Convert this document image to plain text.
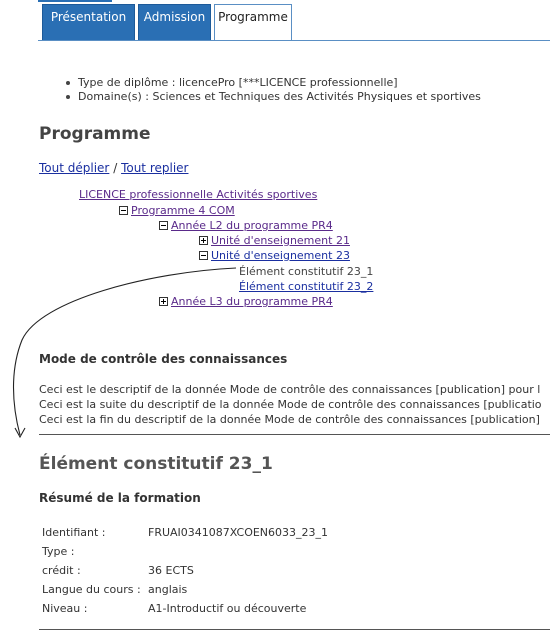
Présentation	Admission	Programme
Type de diplôme : licencePro [***LICENCE professionnelle]
Domaine(s) : Sciences et Techniques des Activités Physiques et sportives
Programme
Tout déplier / Tout replier
LICENCE professionnelle Activités sportives
Programme 4 COM
Année L2 du programme PR4
Unité d'enseignement 21
Unité d'enseignement 23
Élément constitutif 23_1
Élément constitutif 23_2
Année L3 du programme PR4
Mode de contrôle des connaissances
Ceci est le descriptif de la donnée Mode de contrôle des connaissances [publication] pour l
Ceci est la suite du descriptif de la donnée Mode de contrôle des connaissances [publicatio
Ceci est la fin du descriptif de la donnée Mode de contrôle des connaissances [publication]
Élément constitutif 23_1
Résumé de la formation
Identifiant :	FRUAI0341087XCOEN6033_23_1
Type :	
crédit :	36 ECTS
Langue du cours :	anglais
Niveau :	A1-Introductif ou découverte
